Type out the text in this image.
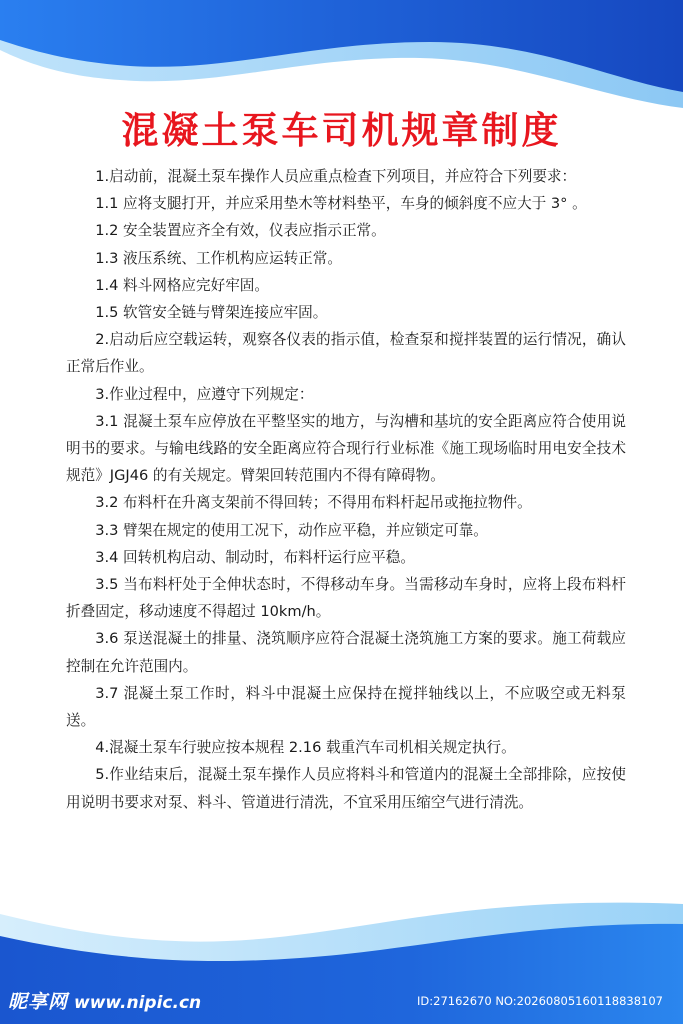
混凝土泵车司机规章制度

1.启动前，混凝土泵车操作人员应重点检查下列项目，并应符合下列要求：

1.1 应将支腿打开，并应采用垫木等材料垫平，车身的倾斜度不应大于 3° 。

1.2 安全装置应齐全有效，仪表应指示正常。

1.3 液压系统、工作机构应运转正常。

1.4 料斗网格应完好牢固。

1.5 软管安全链与臂架连接应牢固。

2.启动后应空载运转，观察各仪表的指示值，检查泵和搅拌装置的运行情况，确认正常后作业。

3.作业过程中，应遵守下列规定：

3.1 混凝土泵车应停放在平整坚实的地方，与沟槽和基坑的安全距离应符合使用说明书的要求。与输电线路的安全距离应符合现行行业标准《施工现场临时用电安全技术规范》JGJ46 的有关规定。臂架回转范围内不得有障碍物。

3.2 布料杆在升离支架前不得回转；不得用布料杆起吊或拖拉物件。

3.3 臂架在规定的使用工况下，动作应平稳，并应锁定可靠。

3.4 回转机构启动、制动时，布料杆运行应平稳。

3.5 当布料杆处于全伸状态时，不得移动车身。当需移动车身时，应将上段布料杆折叠固定，移动速度不得超过 10km/h。

3.6 泵送混凝土的排量、浇筑顺序应符合混凝土浇筑施工方案的要求。施工荷载应控制在允许范围内。

3.7 混凝土泵工作时，料斗中混凝土应保持在搅拌轴线以上，不应吸空或无料泵送。

4.混凝土泵车行驶应按本规程 2.16 载重汽车司机相关规定执行。

5.作业结束后，混凝土泵车操作人员应将料斗和管道内的混凝土全部排除，应按使用说明书要求对泵、料斗、管道进行清洗，不宜采用压缩空气进行清洗。

昵享网 www.nipic.cn	ID:27162670 NO:20260805160118838107
